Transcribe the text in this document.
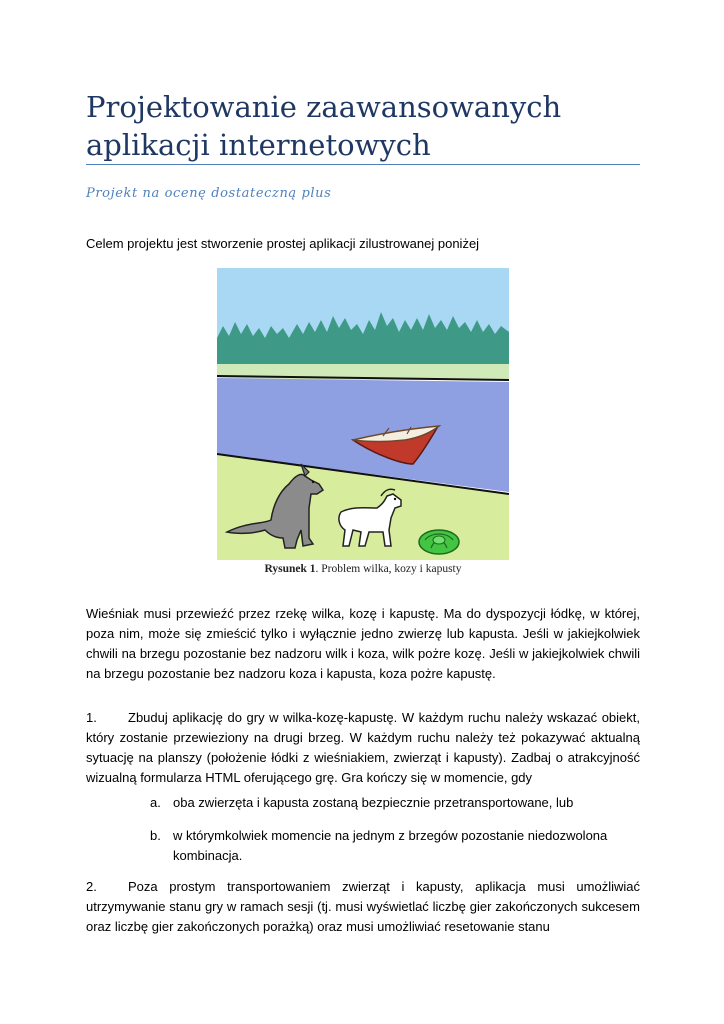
Projektowanie zaawansowanych
aplikacji internetowych

Projekt na ocenę dostateczną plus

Celem projektu jest stworzenie prostej aplikacji zilustrowanej poniżej

Rysunek 1. Problem wilka, kozy i kapusty

Wieśniak musi przewieźć przez rzekę wilka, kozę i kapustę. Ma do dyspozycji łódkę, w której, poza nim, może się zmieścić tylko i wyłącznie jedno zwierzę lub kapusta. Jeśli w jakiejkolwiek chwili na brzegu pozostanie bez nadzoru wilk i koza, wilk pożre kozę. Jeśli w jakiejkolwiek chwili na brzegu pozostanie bez nadzoru koza i kapusta, koza pożre kapustę.

1.	Zbuduj aplikację do gry w wilka-kozę-kapustę. W każdym ruchu należy wskazać obiekt, który zostanie przewieziony na drugi brzeg. W każdym ruchu należy też pokazywać aktualną sytuację na planszy (położenie łódki z wieśniakiem, zwierząt i kapusty). Zadbaj o atrakcyjność wizualną formularza HTML oferującego grę. Gra kończy się w momencie, gdy
a. oba zwierzęta i kapusta zostaną bezpiecznie przetransportowane, lub
b. w którymkolwiek momencie na jednym z brzegów pozostanie niedozwolona kombinacja.
2.	Poza prostym transportowaniem zwierząt i kapusty, aplikacja musi umożliwiać utrzymywanie stanu gry w ramach sesji (tj. musi wyświetlać liczbę gier zakończonych sukcesem oraz liczbę gier zakończonych porażką) oraz musi umożliwiać resetowanie stanu
